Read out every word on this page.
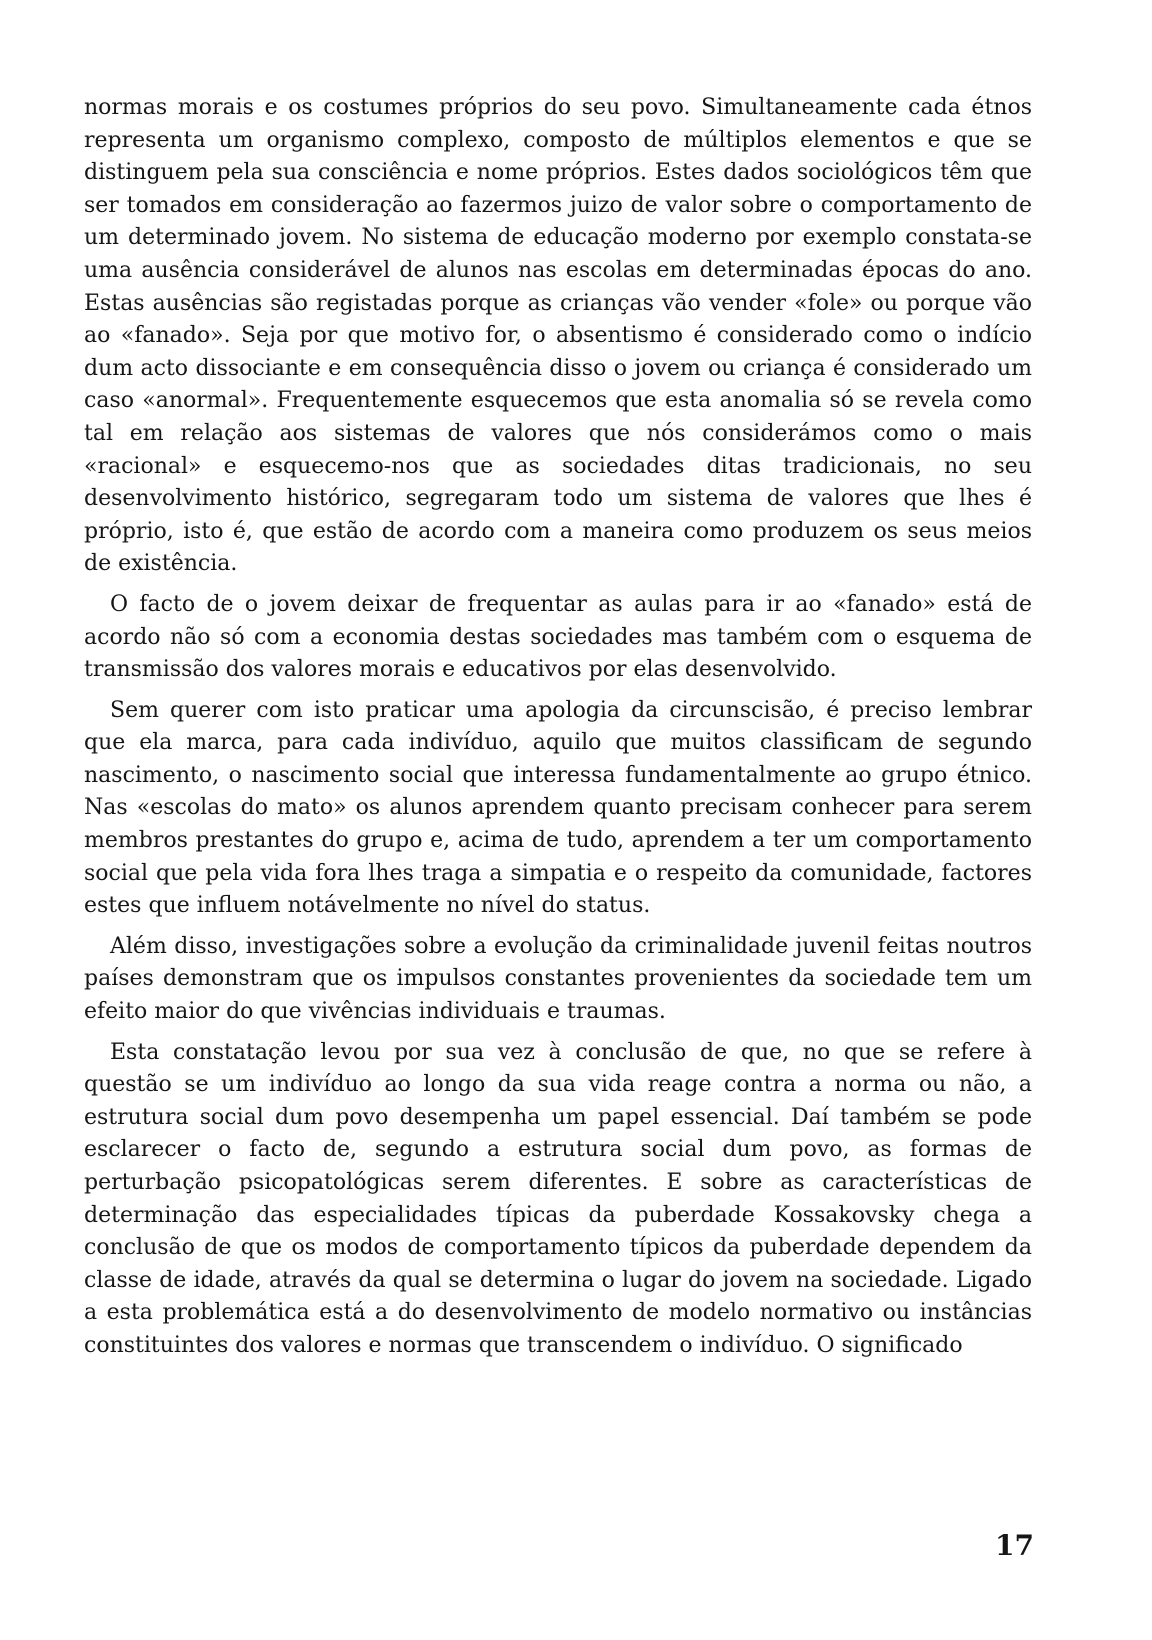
normas morais e os costumes próprios do seu povo. Simultaneamente cada étnos representa um organismo complexo, composto de múltiplos elementos e que se distinguem pela sua consciência e nome próprios. Estes dados sociológicos têm que ser tomados em consideração ao fazermos juizo de valor sobre o comportamento de um determinado jovem. No sistema de educação moderno por exemplo constata-se uma ausência considerável de alunos nas escolas em determinadas épocas do ano. Estas ausências são registadas porque as crianças vão vender «fole» ou porque vão ao «fanado». Seja por que motivo for, o absentismo é considerado como o indício dum acto dissociante e em consequência disso o jovem ou criança é considerado um caso «anormal». Frequentemente esquecemos que esta anomalia só se revela como tal em relação aos sistemas de valores que nós considerámos como o mais «racional» e esquecemo-nos que as sociedades ditas tradicionais, no seu desenvolvimento histórico, segregaram todo um sistema de valores que lhes é próprio, isto é, que estão de acordo com a maneira como produzem os seus meios de existência.

O facto de o jovem deixar de frequentar as aulas para ir ao «fanado» está de acordo não só com a economia destas sociedades mas também com o esquema de transmissão dos valores morais e educativos por elas desenvolvido.

Sem querer com isto praticar uma apologia da circunscisão, é preciso lembrar que ela marca, para cada indivíduo, aquilo que muitos classificam de segundo nascimento, o nascimento social que interessa fundamentalmente ao grupo étnico. Nas «escolas do mato» os alunos aprendem quanto precisam conhecer para serem membros prestantes do grupo e, acima de tudo, aprendem a ter um comportamento social que pela vida fora lhes traga a simpatia e o respeito da comunidade, factores estes que influem notávelmente no nível do status.

Além disso, investigações sobre a evolução da criminalidade juvenil feitas noutros países demonstram que os impulsos constantes provenientes da sociedade tem um efeito maior do que vivências individuais e traumas.

Esta constatação levou por sua vez à conclusão de que, no que se refere à questão se um indivíduo ao longo da sua vida reage contra a norma ou não, a estrutura social dum povo desempenha um papel essencial. Daí também se pode esclarecer o facto de, segundo a estrutura social dum povo, as formas de perturbação psicopatológicas serem diferentes. E sobre as características de determinação das especialidades típicas da puberdade Kossakovsky chega a conclusão de que os modos de comportamento típicos da puberdade dependem da classe de idade, através da qual se determina o lugar do jovem na sociedade. Ligado a esta problemática está a do desenvolvimento de modelo normativo ou instâncias constituintes dos valores e normas que transcendem o indivíduo. O significado

17
